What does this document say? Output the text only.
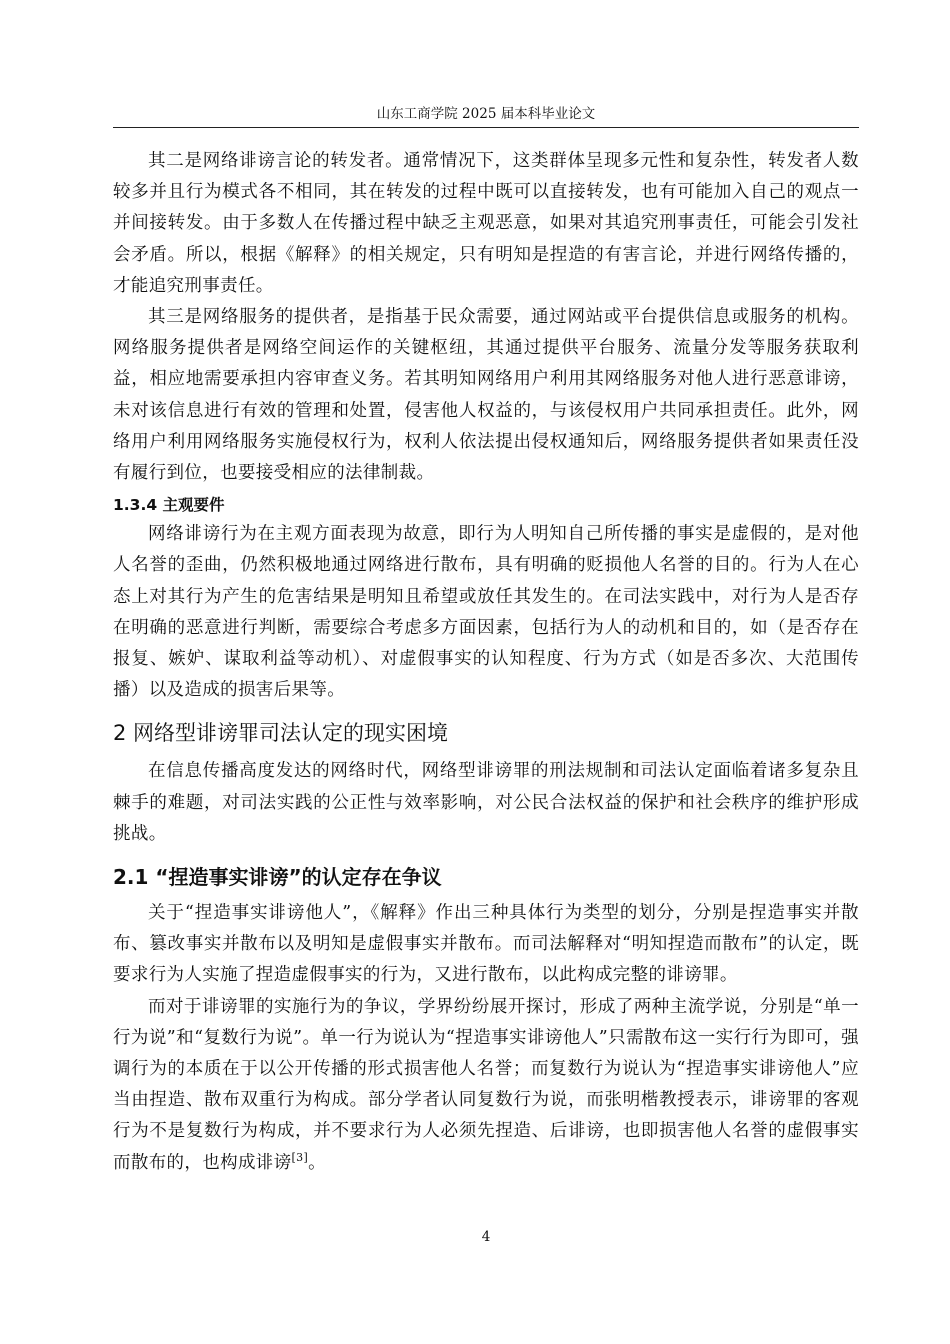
山东工商学院 2025 届本科毕业论文

其二是网络诽谤言论的转发者。通常情况下，这类群体呈现多元性和复杂性，转发者人数较多并且行为模式各不相同，其在转发的过程中既可以直接转发，也有可能加入自己的观点一并间接转发。由于多数人在传播过程中缺乏主观恶意，如果对其追究刑事责任，可能会引发社会矛盾。所以，根据《解释》的相关规定，只有明知是捏造的有害言论，并进行网络传播的，才能追究刑事责任。

其三是网络服务的提供者，是指基于民众需要，通过网站或平台提供信息或服务的机构。网络服务提供者是网络空间运作的关键枢纽，其通过提供平台服务、流量分发等服务获取利益，相应地需要承担内容审查义务。若其明知网络用户利用其网络服务对他人进行恶意诽谤，未对该信息进行有效的管理和处置，侵害他人权益的，与该侵权用户共同承担责任。此外，网络用户利用网络服务实施侵权行为，权利人依法提出侵权通知后，网络服务提供者如果责任没有履行到位，也要接受相应的法律制裁。

1.3.4 主观要件

网络诽谤行为在主观方面表现为故意，即行为人明知自己所传播的事实是虚假的，是对他人名誉的歪曲，仍然积极地通过网络进行散布，具有明确的贬损他人名誉的目的。行为人在心态上对其行为产生的危害结果是明知且希望或放任其发生的。在司法实践中，对行为人是否存在明确的恶意进行判断，需要综合考虑多方面因素，包括行为人的动机和目的，如（是否存在报复、嫉妒、谋取利益等动机）、对虚假事实的认知程度、行为方式（如是否多次、大范围传播）以及造成的损害后果等。

2 网络型诽谤罪司法认定的现实困境

在信息传播高度发达的网络时代，网络型诽谤罪的刑法规制和司法认定面临着诸多复杂且棘手的难题，对司法实践的公正性与效率影响，对公民合法权益的保护和社会秩序的维护形成挑战。

2.1 “捏造事实诽谤”的认定存在争议

关于“捏造事实诽谤他人”，《解释》作出三种具体行为类型的划分，分别是捏造事实并散布、篡改事实并散布以及明知是虚假事实并散布。而司法解释对“明知捏造而散布”的认定，既要求行为人实施了捏造虚假事实的行为，又进行散布，以此构成完整的诽谤罪。

而对于诽谤罪的实施行为的争议，学界纷纷展开探讨，形成了两种主流学说，分别是“单一行为说”和“复数行为说”。单一行为说认为“捏造事实诽谤他人”只需散布这一实行行为即可，强调行为的本质在于以公开传播的形式损害他人名誉；而复数行为说认为“捏造事实诽谤他人”应当由捏造、散布双重行为构成。部分学者认同复数行为说，而张明楷教授表示，诽谤罪的客观行为不是复数行为构成，并不要求行为人必须先捏造、后诽谤，也即损害他人名誉的虚假事实而散布的，也构成诽谤[3]。

4
